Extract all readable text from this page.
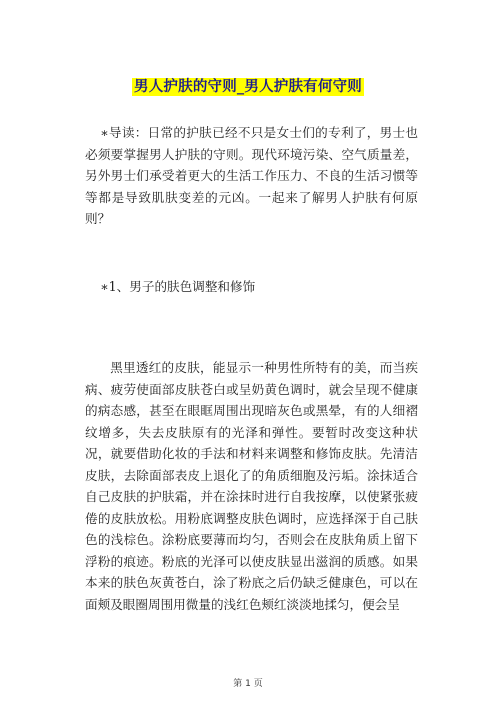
男人护肤的守则_男人护肤有何守则

∗导读：日常的护肤已经不只是女士们的专利了，男士也必须要掌握男人护肤的守则。现代环境污染、空气质量差，另外男士们承受着更大的生活工作压力、不良的生活习惯等等都是导致肌肤变差的元凶。一起来了解男人护肤有何原则？

∗1、男子的肤色调整和修饰

黑里透红的皮肤，能显示一种男性所特有的美，而当疾病、疲劳使面部皮肤苍白或呈奶黄色调时，就会呈现不健康的病态感，甚至在眼眶周围出现暗灰色或黑晕，有的人细褶纹增多，失去皮肤原有的光泽和弹性。要暂时改变这种状况，就要借助化妆的手法和材料来调整和修饰皮肤。先清洁皮肤，去除面部表皮上退化了的角质细胞及污垢。涂抹适合自己皮肤的护肤霜，并在涂抹时进行自我按摩，以使紧张疲倦的皮肤放松。用粉底调整皮肤色调时，应选择深于自己肤色的浅棕色。涂粉底要薄而均匀，否则会在皮肤角质上留下浮粉的痕迹。粉底的光泽可以使皮肤显出滋润的质感。如果本来的肤色灰黄苍白，涂了粉底之后仍缺乏健康色，可以在面颊及眼圈周围用微量的浅红色颊红淡淡地揉匀，便会呈

第 1 页
